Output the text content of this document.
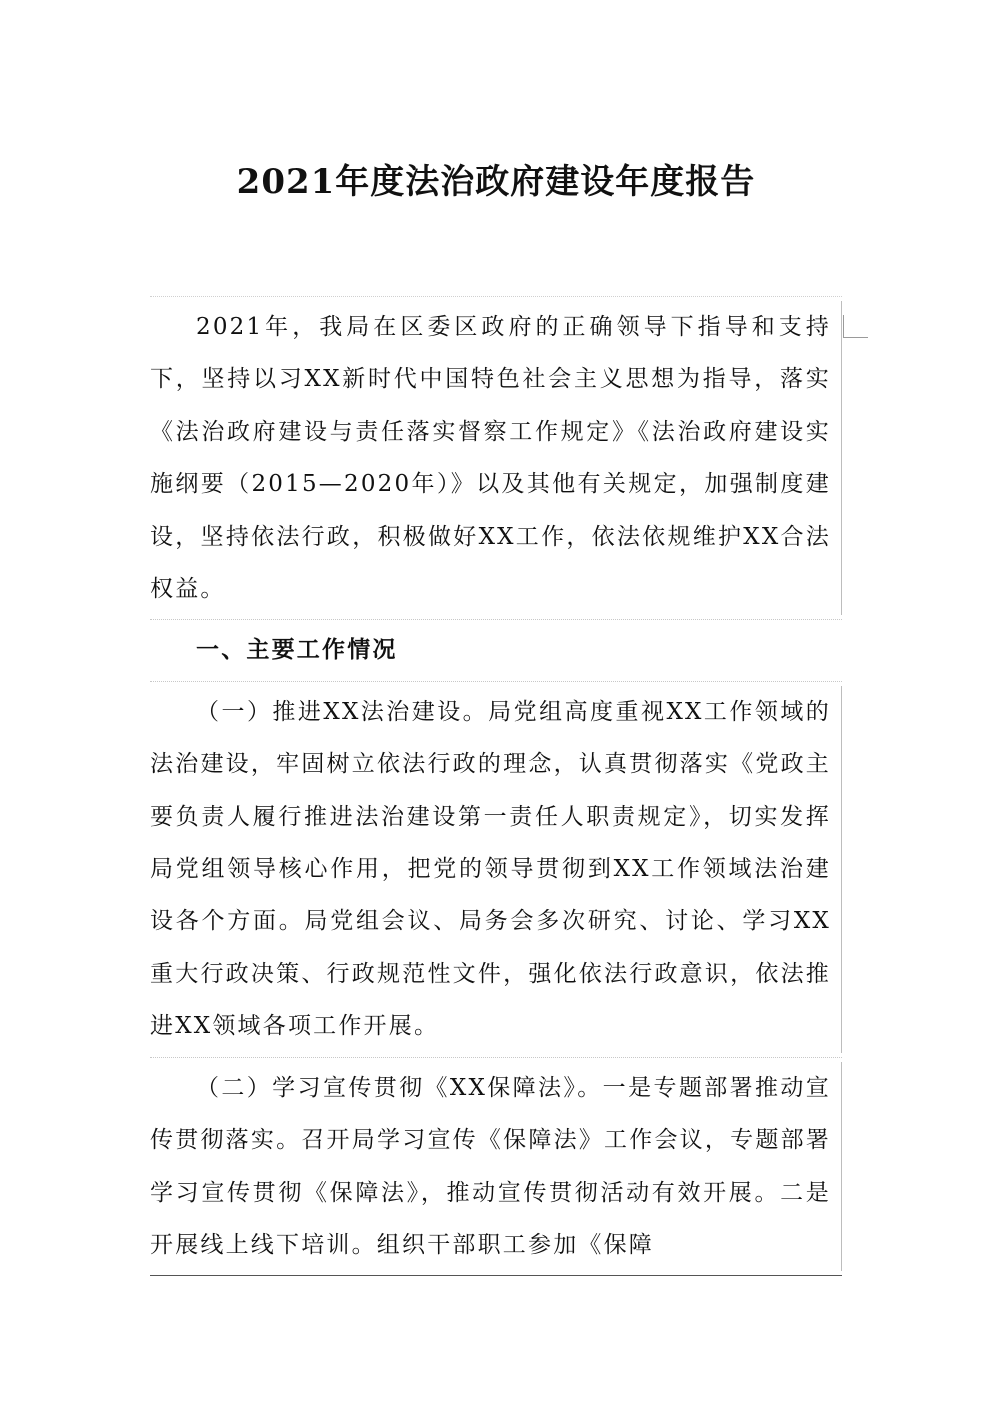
2021年度法治政府建设年度报告

2021年，我局在区委区政府的正确领导下指导和支持下，坚持以习XX新时代中国特色社会主义思想为指导，落实《法治政府建设与责任落实督察工作规定》《法治政府建设实施纲要（2015—2020年）》以及其他有关规定，加强制度建设，坚持依法行政，积极做好XX工作，依法依规维护XX合法权益。

一、主要工作情况

（一）推进XX法治建设。局党组高度重视XX工作领域的法治建设，牢固树立依法行政的理念，认真贯彻落实《党政主要负责人履行推进法治建设第一责任人职责规定》，切实发挥局党组领导核心作用，把党的领导贯彻到XX工作领域法治建设各个方面。局党组会议、局务会多次研究、讨论、学习XX重大行政决策、行政规范性文件，强化依法行政意识，依法推进XX领域各项工作开展。

（二）学习宣传贯彻《XX保障法》。一是专题部署推动宣传贯彻落实。召开局学习宣传《保障法》工作会议，专题部署学习宣传贯彻《保障法》，推动宣传贯彻活动有效开展。二是开展线上线下培训。组织干部职工参加《保障
